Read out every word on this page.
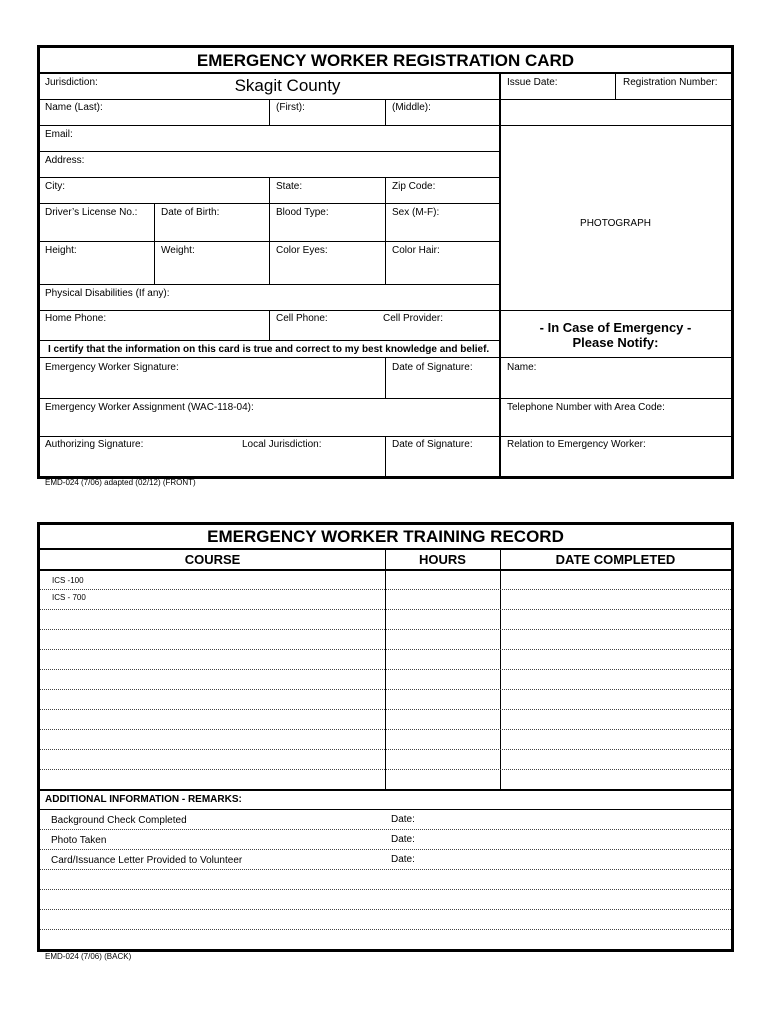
EMERGENCY WORKER REGISTRATION CARD
Jurisdiction:	Skagit County	Issue Date:	Registration Number:
Name (Last):	(First):	(Middle):
Email:
Address:
City:	State:	Zip Code:
Driver’s License No.: Date of Birth:	Blood Type:	Sex (M-F):
PHOTOGRAPH
Height:	Weight:	Color Eyes:	Color Hair:
Physical Disabilities (If any):
Home Phone:	Cell Phone:	Cell Provider:
- In Case of Emergency -
Please Notify:
I certify that the information on this card is true and correct to my best knowledge and belief.
Emergency Worker Signature:	Date of Signature:	Name:
Emergency Worker Assignment (WAC-118-04):	Telephone Number with Area Code:
Authorizing Signature:	Local Jurisdiction:	Date of Signature:	Relation to Emergency Worker:
EMD-024 (7/06) adapted (02/12) (FRONT)
EMERGENCY WORKER TRAINING RECORD
COURSE	HOURS	DATE COMPLETED
ICS -100
ICS - 700
ADDITIONAL INFORMATION - REMARKS:
Background Check Completed	Date:
Photo Taken	Date:
Card/Issuance Letter Provided to Volunteer	Date:
EMD-024 (7/06) (BACK)
